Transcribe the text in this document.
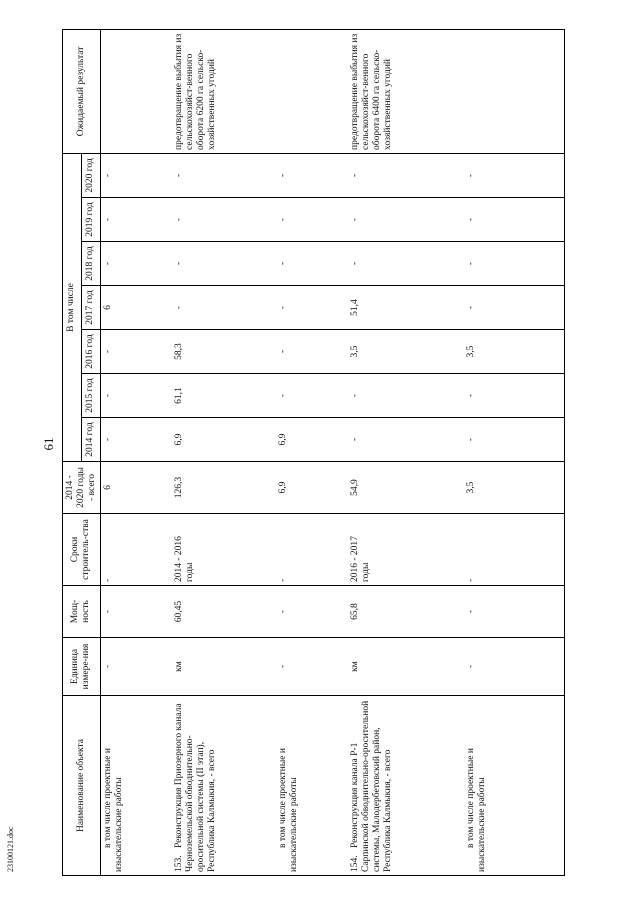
61
23100121.doc
Наименование объекта	Единица измере-ния	Мощ-ность	Сроки строитель-ства	2014 - 2020 годы - всего	В том числе							Ожидаемый результат
					2014 год	2015 год	2016 год	2017 год	2018 год	2019 год	2020 год	
в том числе проектные и изыскательские работы	-	-	-	6	-	-	-	6	-	-	-	
153.Реконструкция Приозерного канала Черноземельской обводнительно-оросительной системы (II этап), Республика Калмыкия, - всего	км	60,45	2014 - 2016 годы	126,3	6,9	61,1	58,3	-	-	-	-	предотвращение выбытия из сельскохозяйст-венного оборота 6200 га сельско-хозяйственных угодий
в том числе проектные и изыскательские работы	-	-	-	6,9	6,9	-	-	-	-	-	-	
154.Реконструкция канала Р-1 Сарпинской обводнительно-оросительной системы, Малодербетовский район, Республика Калмыкия, - всего	км	65,8	2016 - 2017 годы	54,9	-	-	3,5	51,4	-	-	-	предотвращение выбытия из сельскохозяйст-венного оборота 6400 га сельско-хозяйственных угодий
в том числе проектные и изыскательские работы	-	-	-	3,5	-	-	3,5	-	-	-	-	
